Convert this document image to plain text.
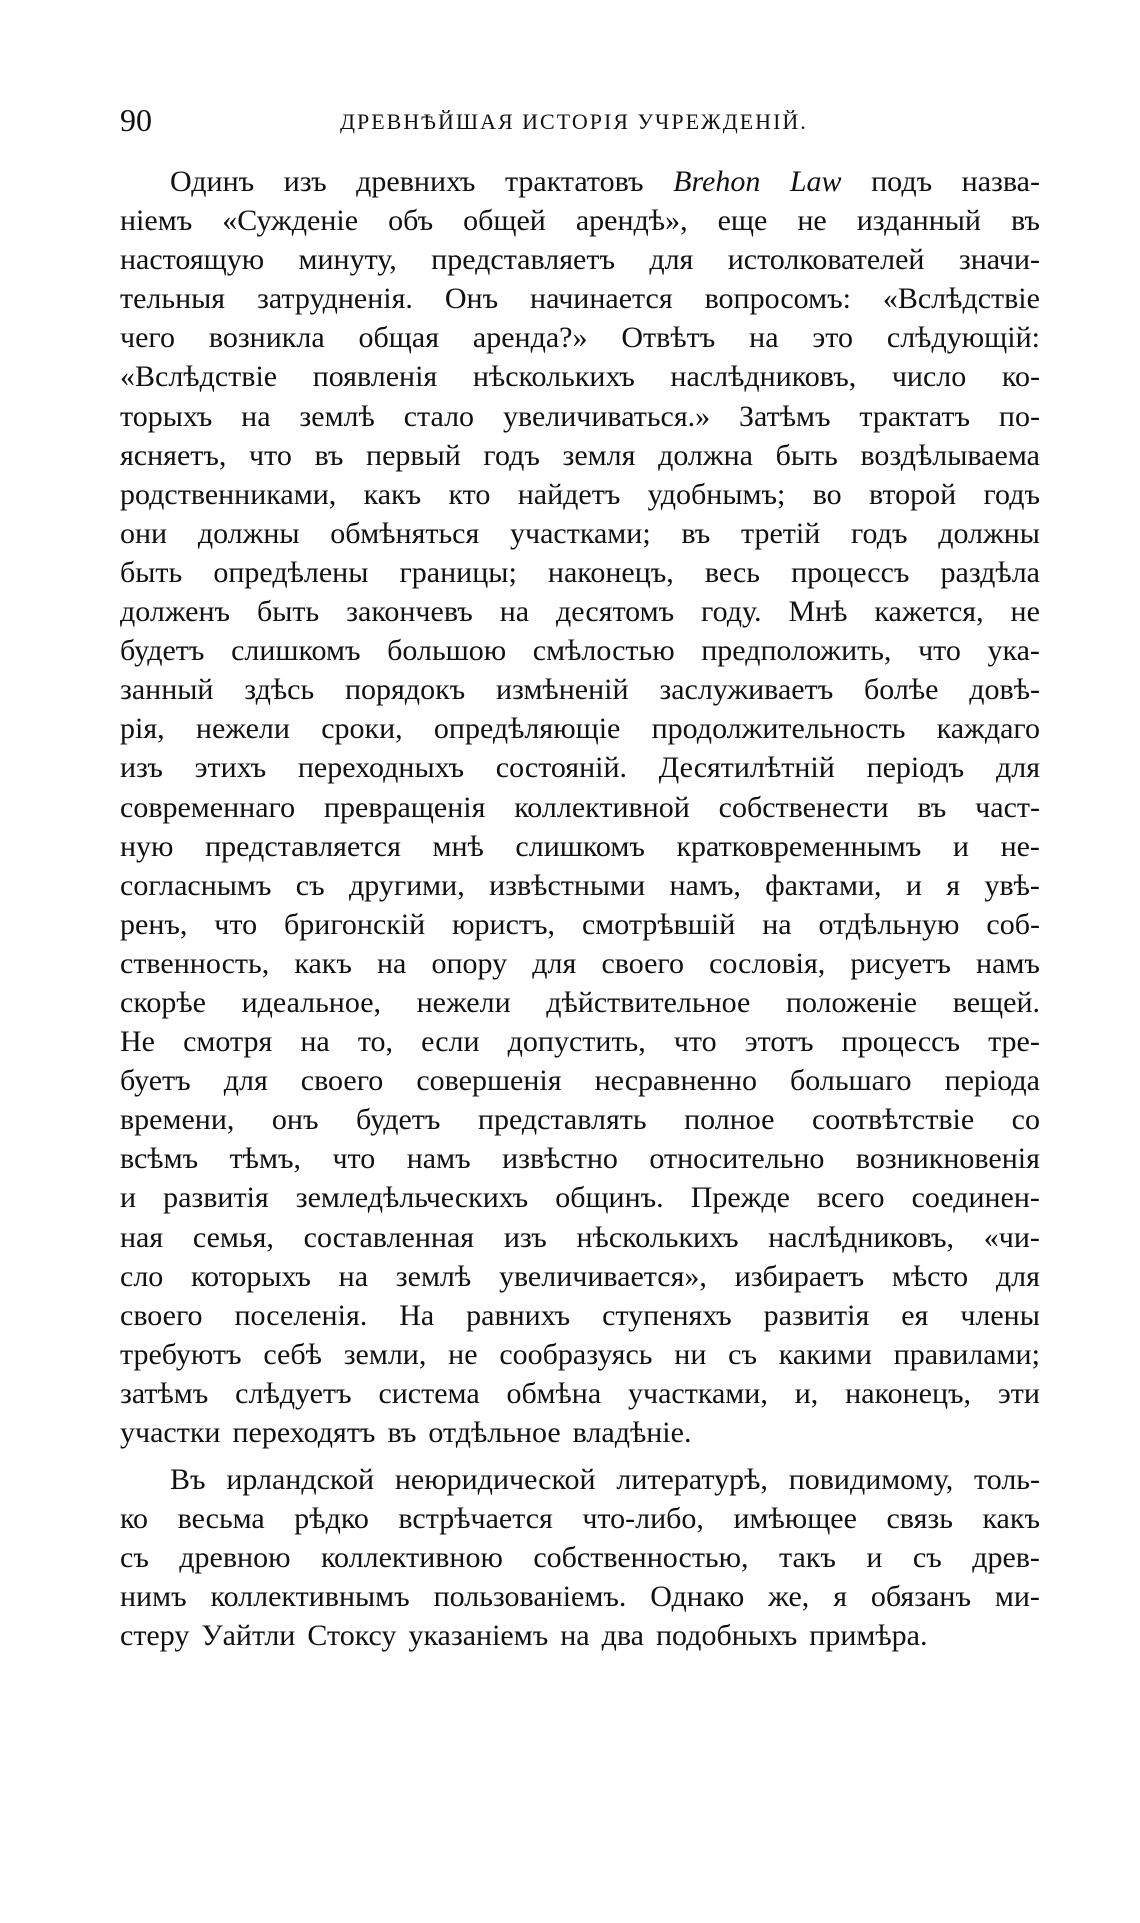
90	ДРЕВНѢЙШАЯ ИСТОРІЯ УЧРЕЖДЕНІЙ.
Одинъ изъ древнихъ трактатовъ Brehon Law подъ назва-
ніемъ «Сужденіе объ общей арендѣ», еще не изданный въ
настоящую минуту, представляетъ для истолкователей значи-
тельныя затрудненія. Онъ начинается вопросомъ: «Вслѣдствіе
чего возникла общая аренда?» Отвѣтъ на это слѣдующій:
«Вслѣдствіе появленія нѣсколькихъ наслѣдниковъ, число ко-
торыхъ на землѣ стало увеличиваться.» Затѣмъ трактатъ по-
ясняетъ, что въ первый годъ земля должна быть воздѣлываема
родственниками, какъ кто найдетъ удобнымъ; во второй годъ
они должны обмѣняться участками; въ третій годъ должны
быть опредѣлены границы; наконецъ, весь процессъ раздѣла
долженъ быть закончевъ на десятомъ году. Мнѣ кажется, не
будетъ слишкомъ большою смѣлостью предположить, что ука-
занный здѣсь порядокъ измѣненій заслуживаетъ болѣе довѣ-
рія, нежели сроки, опредѣляющіе продолжительность каждаго
изъ этихъ переходныхъ состояній. Десятилѣтній періодъ для
современнаго превращенія коллективной собственести въ част-
ную представляется мнѣ слишкомъ кратковременнымъ и не-
согласнымъ съ другими, извѣстными намъ, фактами, и я увѣ-
ренъ, что бригонскій юристъ, смотрѣвшій на отдѣльную соб-
ственность, какъ на опору для своего сословія, рисуетъ намъ
скорѣе идеальное, нежели дѣйствительное положеніе вещей.
Не смотря на то, если допустить, что этотъ процессъ тре-
буетъ для своего совершенія несравненно большаго періода
времени, онъ будетъ представлять полное соотвѣтствіе со
всѣмъ тѣмъ, что намъ извѣстно относительно возникновенія
и развитія земледѣльческихъ общинъ. Прежде всего соединен-
ная семья, составленная изъ нѣсколькихъ наслѣдниковъ, «чи-
сло которыхъ на землѣ увеличивается», избираетъ мѣсто для
своего поселенія. На равнихъ ступеняхъ развитія ея члены
требуютъ себѣ земли, не сообразуясь ни съ какими правилами;
затѣмъ слѣдуетъ система обмѣна участками, и, наконецъ, эти
участки переходятъ въ отдѣльное владѣніе.
Въ ирландской неюридической литературѣ, повидимому, толь-
ко весьма рѣдко встрѣчается что-либо, имѣющее связь какъ
съ древною коллективною собственностью, такъ и съ древ-
нимъ коллективнымъ пользованіемъ. Однако же, я обязанъ ми-
стеру Уайтли Стоксу указаніемъ на два подобныхъ примѣра.
